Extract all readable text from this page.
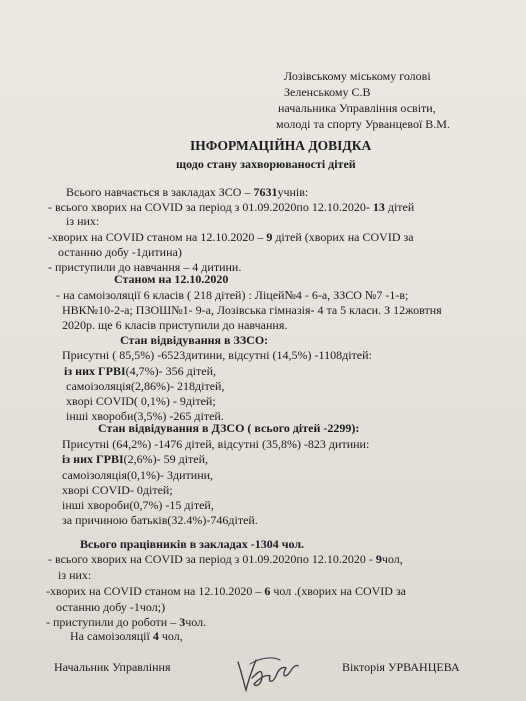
Лозівському міському голові
Зеленському С.В
начальника Управління освіти,
молоді та спорту Урванцевої В.М.
ІНФОРМАЦІЙНА ДОВІДКА
щодо стану захворюваності дітей
Всього навчається в закладах ЗСО – 7631учнів:
- всього хворих на COVID за період з 01.09.2020по 12.10.2020- 13 дітей
із них:
-хворих на COVID станом на 12.10.2020 – 9 дітей (хворих на COVID за
останню добу -1дитина)
- приступили до навчання – 4 дитини.
Станом на 12.10.2020
- на самоізоляції 6 класів ( 218 дітей) : Ліцей№4 - 6-а, ЗЗСО №7 -1-в;
НВК№10-2-а; ПЗОШ№1- 9-а, Лозівська гімназія- 4 та 5 класи. З 12жовтня
2020р. ще 6 класів приступили до навчання.
Стан відвідування в ЗЗСО:
Присутні ( 85,5%) -6523дитини, відсутні (14,5%) -1108дітей:
із них ГРВІ(4,7%)- 356 дітей,
самоізоляція(2,86%)- 218дітей,
хворі COVID( 0,1%) - 9дітей;
інші хвороби(3,5%) -265 дітей.
Стан відвідування в ДЗСО ( всього дітей -2299):
Присутні (64,2%) -1476 дітей, відсутні (35,8%) -823 дитини:
із них ГРВІ(2,6%)- 59 дітей,
самоізоляція(0,1%)- 3дитини,
хворі COVID- 0дітей;
інші хвороби(0,7%) -15 дітей,
за причиною батьків(32.4%)-746дітей.
Всього працівників в закладах -1304 чол.
- всього хворих на COVID за період з 01.09.2020по 12.10.2020 - 9чол,
із них:
-хворих на COVID станом на 12.10.2020 – 6 чол .(хворих на COVID за
останню добу -1чол;)
- приступили до роботи – 3чол.
На самоізоляції 4 чол,
Начальник Управління	Вікторія УРВАНЦЕВА
